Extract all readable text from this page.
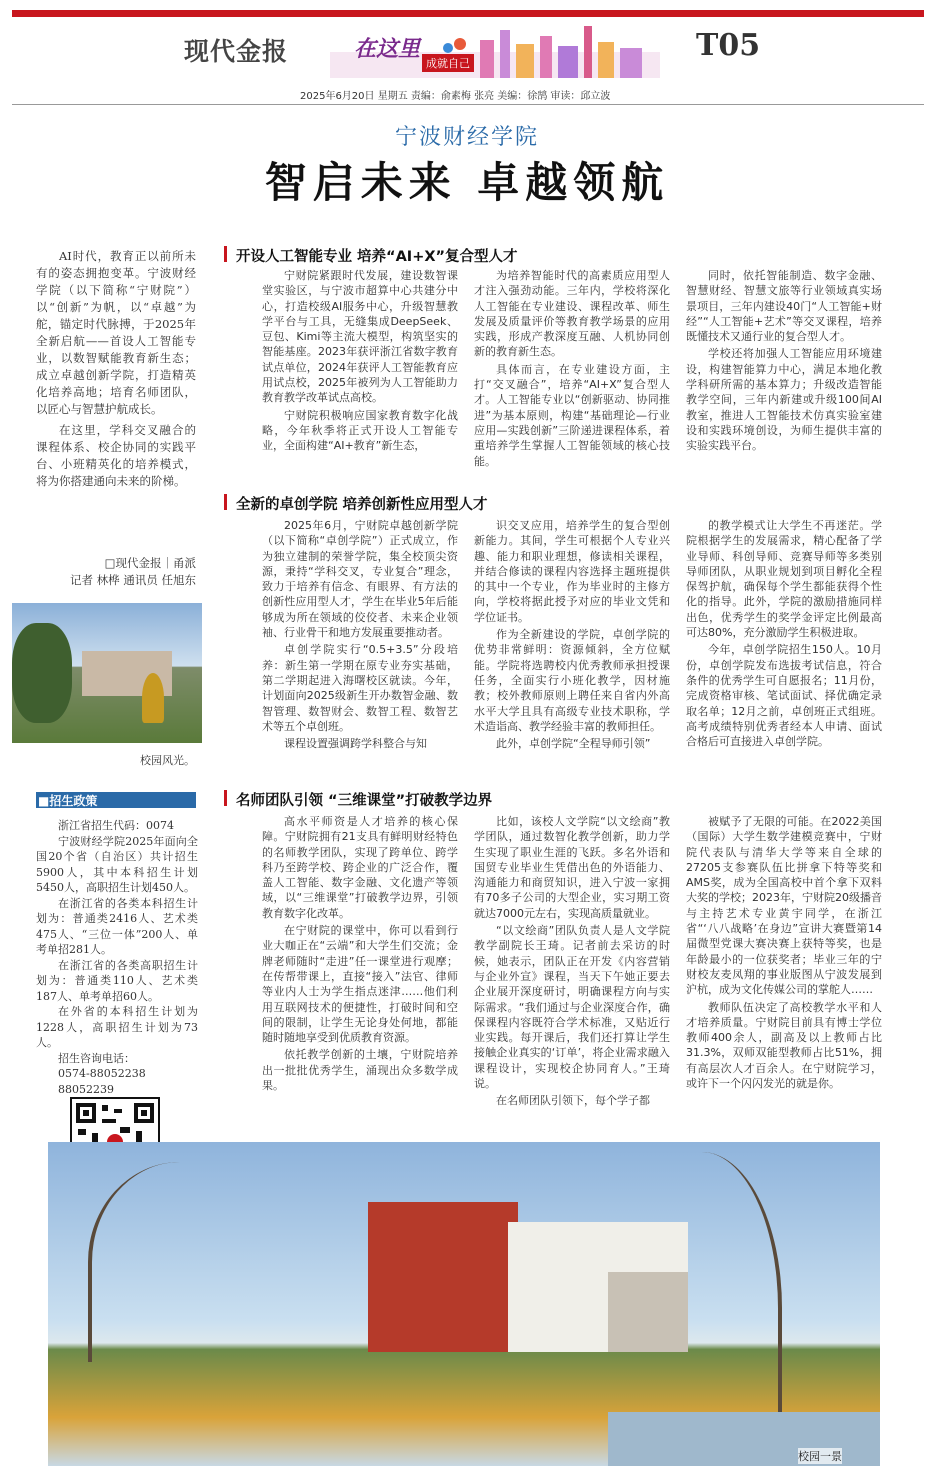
现代金报	在这里
成就自己
T05
2025年6月20日 星期五 责编：俞素梅 张亮 美编：徐鹄 审读：邱立波
宁波财经学院
智启未来 卓越领航

AI时代，教育正以前所未有的姿态拥抱变革。宁波财经学院（以下简称“宁财院”）以“创新”为帆，以“卓越”为舵，锚定时代脉搏，于2025年全新启航——首设人工智能专业，以数智赋能教育新生态；成立卓越创新学院，打造精英化培养高地；培育名师团队，以匠心与智慧护航成长。

在这里，学科交叉融合的课程体系、校企协同的实践平台、小班精英化的培养模式，将为你搭建通向未来的阶梯。

□现代金报｜甬派
记者 林桦 通讯员 任旭东
校园风光。
■招生政策

浙江省招生代码：0074

宁波财经学院2025年面向全国20个省（自治区）共计招生5900人，其中本科招生计划5450人，高职招生计划450人。

在浙江省的各类本科招生计划为：普通类2416人、艺术类475人、“三位一体”200人、单考单招281人。

在浙江省的各类高职招生计划为：普通类110人、艺术类187人、单考单招60人。

在外省的本科招生计划为1228人，高职招生计划为73人。

招生咨询电话：

0574-88052238

88052239

开设人工智能专业 培养“AI+X”复合型人才

宁财院紧跟时代发展，建设数智课堂实验区，与宁波市超算中心共建分中心，打造校级AI服务中心，升级智慧教学平台与工具，无缝集成DeepSeek、豆包、Kimi等主流大模型，构筑坚实的智能基座。2023年获评浙江省数字教育试点单位，2024年获评人工智能教育应用试点校，2025年被列为人工智能助力教育教学改革试点高校。

宁财院积极响应国家教育数字化战略，今年秋季将正式开设人工智能专业，全面构建“AI+教育”新生态，

为培养智能时代的高素质应用型人才注入强劲动能。三年内，学校将深化人工智能在专业建设、课程改革、师生发展及质量评价等教育教学场景的应用实践，形成产教深度互融、人机协同创新的教育新生态。

具体而言，在专业建设方面，主打“交叉融合”，培养“AI+X”复合型人才。人工智能专业以“创新驱动、协同推进”为基本原则，构建“基础理论—行业应用—实践创新”三阶递进课程体系，着重培养学生掌握人工智能领域的核心技能。

同时，依托智能制造、数字金融、智慧财经、智慧文旅等行业领域真实场景项目，三年内建设40门“人工智能+财经”“人工智能+艺术”等交叉课程，培养既懂技术又通行业的复合型人才。

学校还将加强人工智能应用环境建设，构建智能算力中心，满足本地化教学科研所需的基本算力；升级改造智能教学空间，三年内新建或升级100间AI教室，推进人工智能技术仿真实验室建设和实践环境创设，为师生提供丰富的实验实践平台。

全新的卓创学院 培养创新性应用型人才

2025年6月，宁财院卓越创新学院（以下简称“卓创学院”）正式成立，作为独立建制的荣誉学院，集全校顶尖资源，秉持“学科交叉，专业复合”理念，致力于培养有信念、有眼界、有方法的创新性应用型人才，学生在毕业5年后能够成为所在领域的佼佼者、未来企业领袖、行业骨干和地方发展重要推动者。

卓创学院实行“0.5+3.5”分段培养：新生第一学期在原专业夯实基础，第二学期起进入海曙校区就读。今年，计划面向2025级新生开办数智金融、数智管理、数智财会、数智工程、数智艺术等五个卓创班。

课程设置强调跨学科整合与知

识交叉应用，培养学生的复合型创新能力。其间，学生可根据个人专业兴趣、能力和职业理想，修读相关课程，并结合修读的课程内容选择主题班提供的其中一个专业，作为毕业时的主修方向，学校将据此授予对应的毕业文凭和学位证书。

作为全新建设的学院，卓创学院的优势非常鲜明：资源倾斜，全方位赋能。学院将选聘校内优秀教师承担授课任务，全面实行小班化教学，因材施教；校外教师原则上聘任来自省内外高水平大学且具有高级专业技术职称，学术造诣高、教学经验丰富的教师担任。

此外，卓创学院“全程导师引领”

的教学模式让大学生不再迷茫。学院根据学生的发展需求，精心配备了学业导师、科创导师、竞赛导师等多类别导师团队，从职业规划到项目孵化全程保驾护航，确保每个学生都能获得个性化的指导。此外，学院的激励措施同样出色，优秀学生的奖学金评定比例最高可达80%，充分激励学生积极进取。

今年，卓创学院招生150人。10月份，卓创学院发布选拔考试信息，符合条件的优秀学生可自愿报名；11月份，完成资格审核、笔试面试、择优确定录取名单；12月之前，卓创班正式组班。高考成绩特别优秀者经本人申请、面试合格后可直接进入卓创学院。

名师团队引领 “三维课堂”打破教学边界

高水平师资是人才培养的核心保障。宁财院拥有21支具有鲜明财经特色的名师教学团队，实现了跨单位、跨学科乃至跨学校、跨企业的广泛合作，覆盖人工智能、数字金融、文化遗产等领域，以“三维课堂”打破教学边界，引领教育数字化改革。

在宁财院的课堂中，你可以看到行业大咖正在“云端”和大学生们交流；金牌老师随时“走进”任一课堂进行观摩；在传帮带课上，直接“接入”法官、律师等业内人士为学生指点迷津……他们利用互联网技术的便捷性，打破时间和空间的限制，让学生无论身处何地，都能随时随地享受到优质教育资源。

依托教学创新的土壤，宁财院培养出一批批优秀学生，涌现出众多数学成果。

比如，该校人文学院“以文绘商”教学团队，通过数智化教学创新，助力学生实现了职业生涯的飞跃。多名外语和国贸专业毕业生凭借出色的外语能力、沟通能力和商贸知识，进入宁波一家拥有70多子公司的大型企业，实习期工资就达7000元左右，实现高质量就业。

“以文绘商”团队负责人是人文学院教学副院长王琦。记者前去采访的时候，她表示，团队正在开发《内容营销与企业外宣》课程，当天下午她正要去企业展开深度研讨，明确课程方向与实际需求。“我们通过与企业深度合作，确保课程内容既符合学术标准，又贴近行业实践。每开课后，我们还打算让学生接触企业真实的‘订单’，将企业需求融入课程设计，实现校企协同育人。”王琦说。

在名师团队引领下，每个学子都

被赋予了无限的可能。在2022美国（国际）大学生数学建模竞赛中，宁财院代表队与清华大学等来自全球的27205支参赛队伍比拼拿下特等奖和AMS奖，成为全国高校中首个拿下双料大奖的学校；2023年，宁财院20级播音与主持艺术专业黄宇同学，在浙江省“‘八八战略’在身边”宣讲大赛暨第14届微型党课大赛决赛上获特等奖，也是年龄最小的一位获奖者；毕业三年的宁财校友麦凤翔的事业版图从宁波发展到沪杭，成为文化传媒公司的掌舵人……

教师队伍决定了高校教学水平和人才培养质量。宁财院目前具有博士学位教师400余人，副高及以上教师占比31.3%，双师双能型教师占比51%，拥有高层次人才百余人。在宁财院学习，或许下一个闪闪发光的就是你。

校园一景
